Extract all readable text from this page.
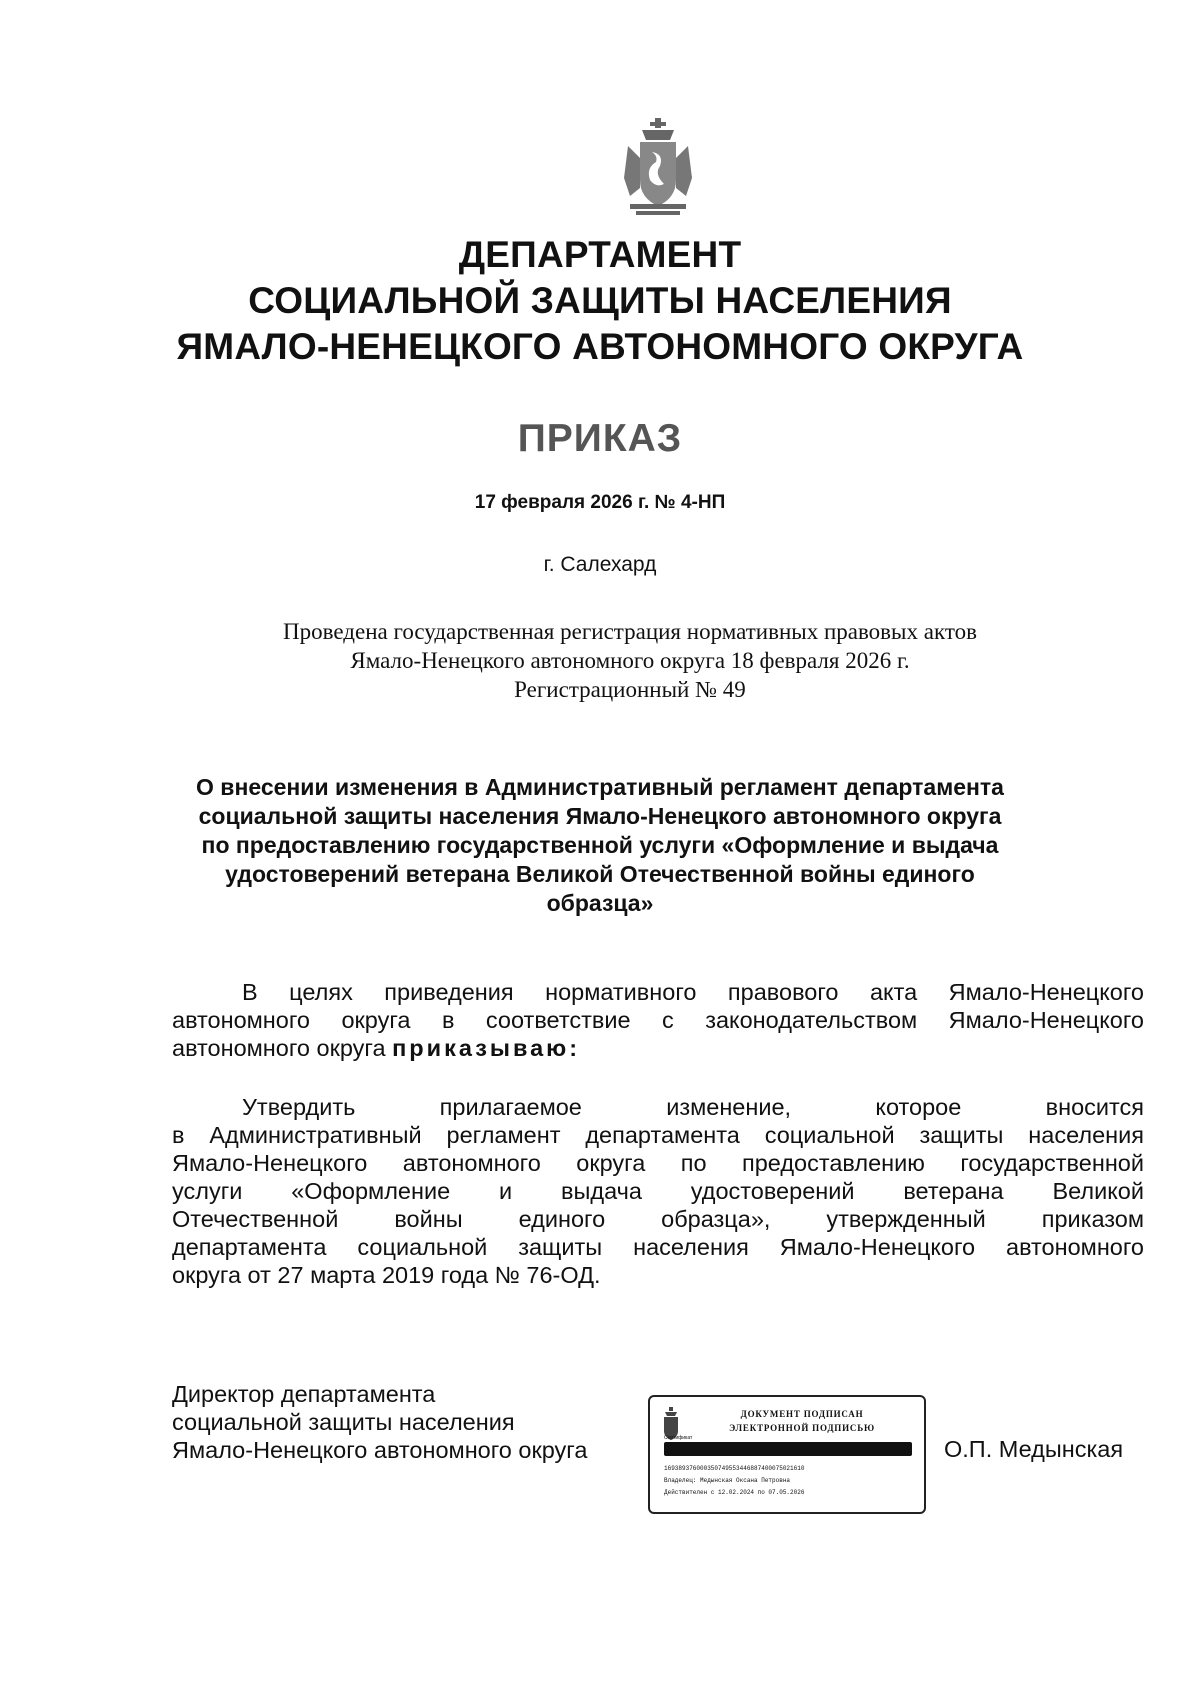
ДЕПАРТАМЕНТ
СОЦИАЛЬНОЙ ЗАЩИТЫ НАСЕЛЕНИЯ
ЯМАЛО-НЕНЕЦКОГО АВТОНОМНОГО ОКРУГА
ПРИКАЗ
17 февраля 2026 г. № 4-НП
г. Салехард
Проведена государственная регистрация нормативных правовых актов
Ямало-Ненецкого автономного округа 18 февраля 2026 г.
Регистрационный № 49
О внесении изменения в Административный регламент департамента
социальной защиты населения Ямало-Ненецкого автономного округа
по предоставлению государственной услуги «Оформление и выдача
удостоверений ветерана Великой Отечественной войны единого
образца»
В целях приведения нормативного правового акта Ямало-Ненецкого
автономного округа в соответствие с законодательством Ямало-Ненецкого
автономного округа приказываю:
Утвердить прилагаемое изменение, которое вносится
в Административный регламент департамента социальной защиты населения
Ямало-Ненецкого автономного округа по предоставлению государственной
услуги «Оформление и выдача удостоверений ветерана Великой
Отечественной войны единого образца», утвержденный приказом
департамента социальной защиты населения Ямало-Ненецкого автономного
округа от 27 марта 2019 года № 76-ОД.
Директор департамента
социальной защиты населения
Ямало-Ненецкого автономного округа
ДОКУМЕНТ ПОДПИСАН
ЭЛЕКТРОННОЙ ПОДПИСЬЮ
Сертификат
169389376000350749553446887400075021610
Владелец: Медынская Оксана Петровна
Действителен с 12.02.2024 по 07.05.2026
О.П. Медынская
